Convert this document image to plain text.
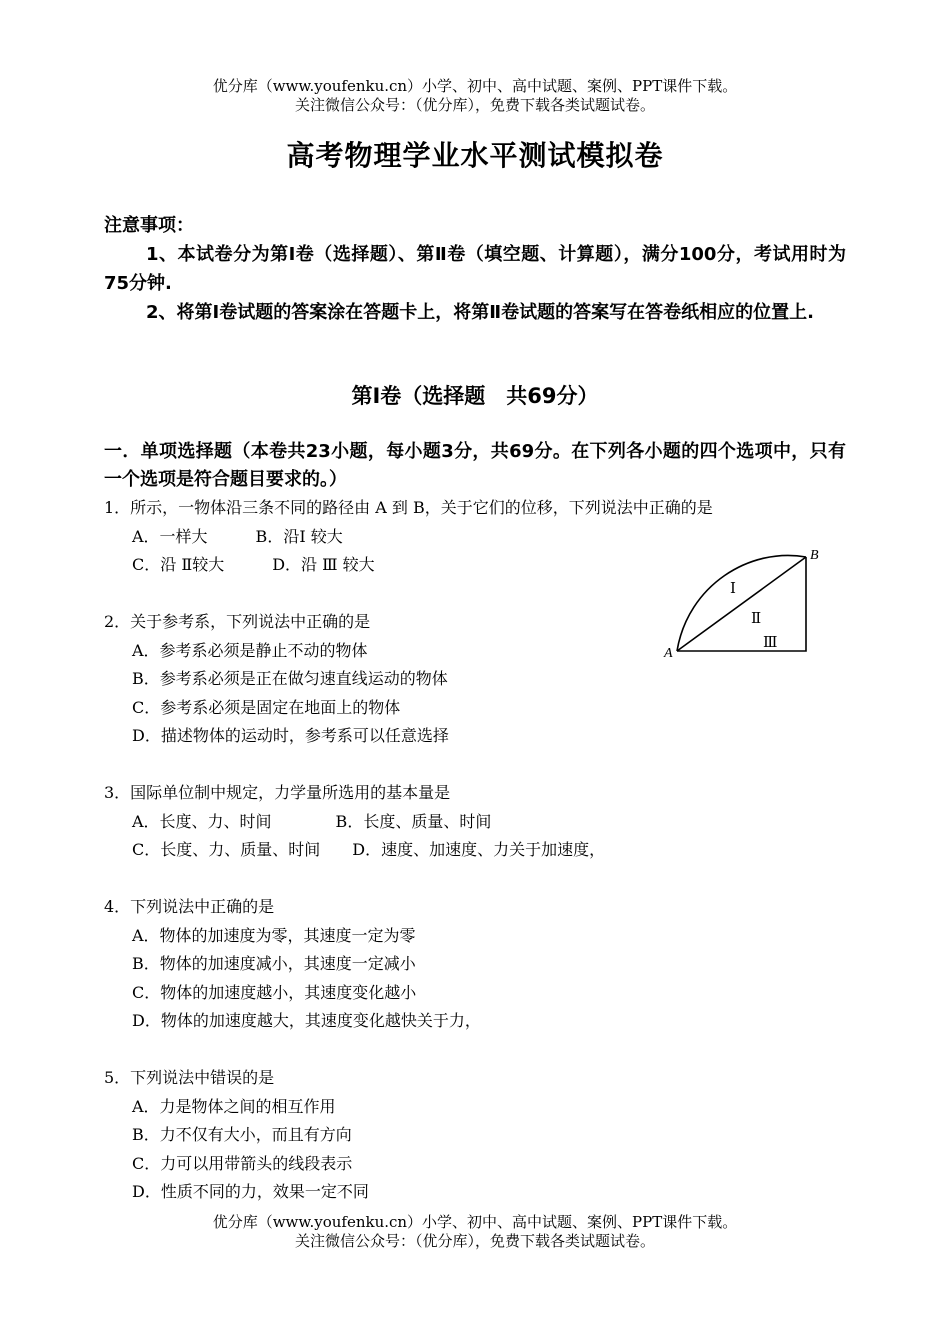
优分库（www.youfenku.cn）小学、初中、高中试题、案例、PPT课件下载。
关注微信公众号：（优分库），免费下载各类试题试卷。
高考物理学业水平测试模拟卷

注意事项：

1、本试卷分为第Ⅰ卷（选择题）、第Ⅱ卷（填空题、计算题），满分100分，考试用时为75分钟.

2、将第Ⅰ卷试题的答案涂在答题卡上，将第Ⅱ卷试题的答案写在答卷纸相应的位置上.

第Ⅰ卷（选择题　共69分）
一．单项选择题（本卷共23小题，每小题3分，共69分。在下列各小题的四个选项中，只有一个选项是符合题目要求的。）

1．所示，一物体沿三条不同的路径由 A 到 B，关于它们的位移，下列说法中正确的是

A．一样大　　　B．沿Ⅰ 较大

C．沿 Ⅱ较大　　　D．沿 Ⅲ 较大

2．关于参考系，下列说法中正确的是

A．参考系必须是静止不动的物体

B．参考系必须是正在做匀速直线运动的物体

C．参考系必须是固定在地面上的物体

D．描述物体的运动时，参考系可以任意选择

3．国际单位制中规定，力学量所选用的基本量是

A．长度、力、时间　　　　B．长度、质量、时间

C．长度、力、质量、时间　　D．速度、加速度、力关于加速度，

4．下列说法中正确的是

A．物体的加速度为零，其速度一定为零

B．物体的加速度减小，其速度一定减小

C．物体的加速度越小，其速度变化越小

D．物体的加速度越大，其速度变化越快关于力，

5．下列说法中错误的是

A．力是物体之间的相互作用

B．力不仅有大小，而且有方向

C．力可以用带箭头的线段表示

D．性质不同的力，效果一定不同

A
B
Ⅰ
Ⅱ
Ⅲ
优分库（www.youfenku.cn）小学、初中、高中试题、案例、PPT课件下载。
关注微信公众号：（优分库），免费下载各类试题试卷。
